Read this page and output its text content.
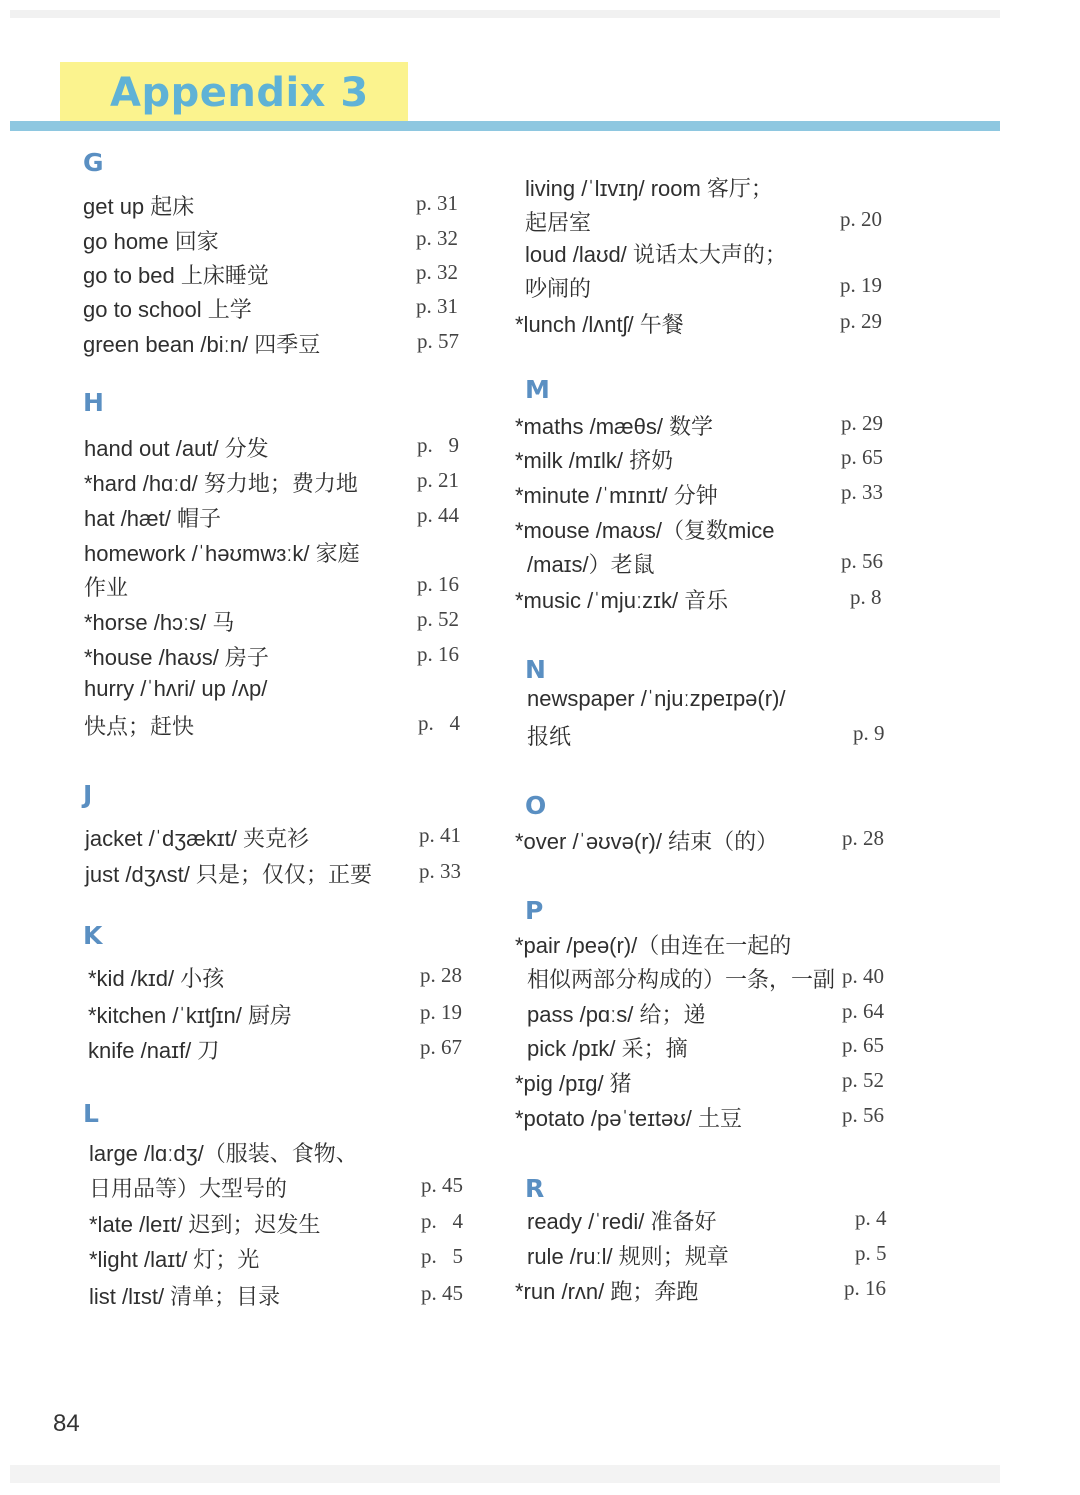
Appendix 3
G
H
J
K
L
M
N
O
P
R
get up 起床	p. 31
go home 回家	p. 32
go to bed 上床睡觉	p. 32
go to school 上学	p. 31
green bean /biːn/ 四季豆	p. 57
hand out /aut/ 分发	p.   9
*hard /hɑːd/ 努力地；费力地	p. 21
hat /hæt/ 帽子	p. 44
homework /ˈhəʊmwɜːk/ 家庭
作业	p. 16
*horse /hɔːs/ 马	p. 52
*house /haʊs/ 房子	p. 16
hurry /ˈhʌri/ up /ʌp/
快点；赶快	p.   4
jacket /ˈdʒækɪt/ 夹克衫	p. 41
just /dʒʌst/ 只是；仅仅；正要 p. 33
*kid /kɪd/ 小孩	p. 28
*kitchen /ˈkɪtʃɪn/ 厨房	p. 19
knife /naɪf/ 刀	p. 67
large /lɑːdʒ/（服装、食物、
日用品等）大型号的	p. 45
*late /leɪt/ 迟到；迟发生	p.   4
*light /laɪt/ 灯；光	p.   5
list /lɪst/ 清单；目录	p. 45
living /ˈlɪvɪŋ/ room 客厅；
起居室	p. 20
loud /laʊd/ 说话太大声的；
吵闹的	p. 19
*lunch /lʌntʃ/ 午餐	p. 29
*maths /mæθs/ 数学	p. 29
*milk /mɪlk/ 挤奶	p. 65
*minute /ˈmɪnɪt/ 分钟	p. 33
*mouse /maʊs/（复数mice
/maɪs/）老鼠	p. 56
*music /ˈmjuːzɪk/ 音乐	p. 8
newspaper /ˈnjuːzpeɪpə(r)/
报纸	p. 9
*over /ˈəʊvə(r)/ 结束（的）	p. 28
*pair /peə(r)/（由连在一起的
相似两部分构成的）一条，一副 p. 40
pass /pɑːs/ 给；递	p. 64
pick /pɪk/ 采；摘	p. 65
*pig /pɪg/ 猪	p. 52
*potato /pəˈteɪtəʊ/ 土豆	p. 56
ready /ˈredi/ 准备好	p. 4
rule /ruːl/ 规则；规章	p. 5
*run /rʌn/ 跑；奔跑	p. 16
84
